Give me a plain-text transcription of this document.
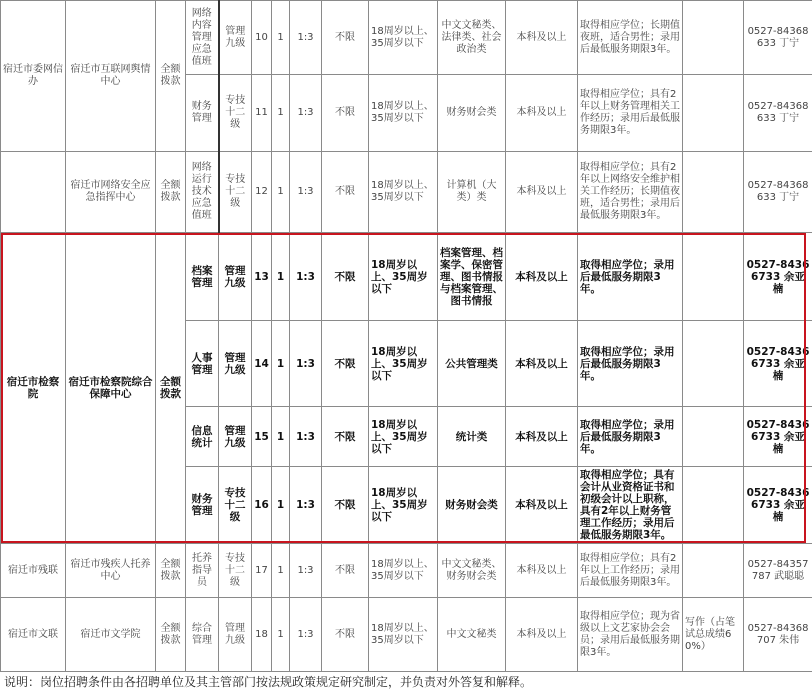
宿迁市委网信办	宿迁市互联网舆情中心	全额拨款	网络内容管理应急值班	管理九级	10	1	1:3	不限	18周岁以上、35周岁以下	中文文秘类、法律类、社会政治类	本科及以上	取得相应学位；长期值夜班，适合男性；录用后最低服务期限3年。		0527-84368633 丁宁
			财务管理	专技十二级	11	1	1:3	不限	18周岁以上、35周岁以下	财务财会类	本科及以上	取得相应学位；具有2年以上财务管理相关工作经历；录用后最低服务期限3年。		0527-84368633 丁宁
	宿迁市网络安全应急指挥中心	全额拨款	网络运行技术应急值班	专技十二级	12	1	1:3	不限	18周岁以上、35周岁以下	计算机（大类）类	本科及以上	取得相应学位；具有2年以上网络安全维护相关工作经历；长期值夜班，适合男性；录用后最低服务期限3年。		0527-84368633 丁宁
宿迁市检察院	宿迁市检察院综合保障中心	全额拨款	档案管理	管理九级	13	1	1:3	不限	18周岁以上、35周岁以下	档案管理、档案学、保密管理、图书情报与档案管理、图书情报	本科及以上	取得相应学位；录用后最低服务期限3年。		0527-84366733 余亚楠
			人事管理	管理九级	14	1	1:3	不限	18周岁以上、35周岁以下	公共管理类	本科及以上	取得相应学位；录用后最低服务期限3年。		0527-84366733 余亚楠
			信息统计	管理九级	15	1	1:3	不限	18周岁以上、35周岁以下	统计类	本科及以上	取得相应学位；录用后最低服务期限3年。		0527-84366733 余亚楠
			财务管理	专技十二级	16	1	1:3	不限	18周岁以上、35周岁以下	财务财会类	本科及以上	取得相应学位；具有会计从业资格证书和初级会计以上职称，具有2年以上财务管理工作经历；录用后最低服务期限3年。		0527-84366733 余亚楠
宿迁市残联	宿迁市残疾人托养中心	全额拨款	托养指导员	专技十二级	17	1	1:3	不限	18周岁以上、35周岁以下	中文文秘类、财务财会类	本科及以上	取得相应学位；具有2年以上工作经历；录用后最低服务期限3年。		0527-84357787 武聪聪
宿迁市文联	宿迁市文学院	全额拨款	综合管理	管理九级	18	1	1:3	不限	18周岁以上、35周岁以下	中文文秘类	本科及以上	取得相应学位；现为省级以上文艺家协会会员；录用后最低服务期限3年。	写作（占笔试总成绩60%）	0527-84368707 朱伟
说明：岗位招聘条件由各招聘单位及其主管部门按法规政策规定研究制定，并负责对外答复和解释。
